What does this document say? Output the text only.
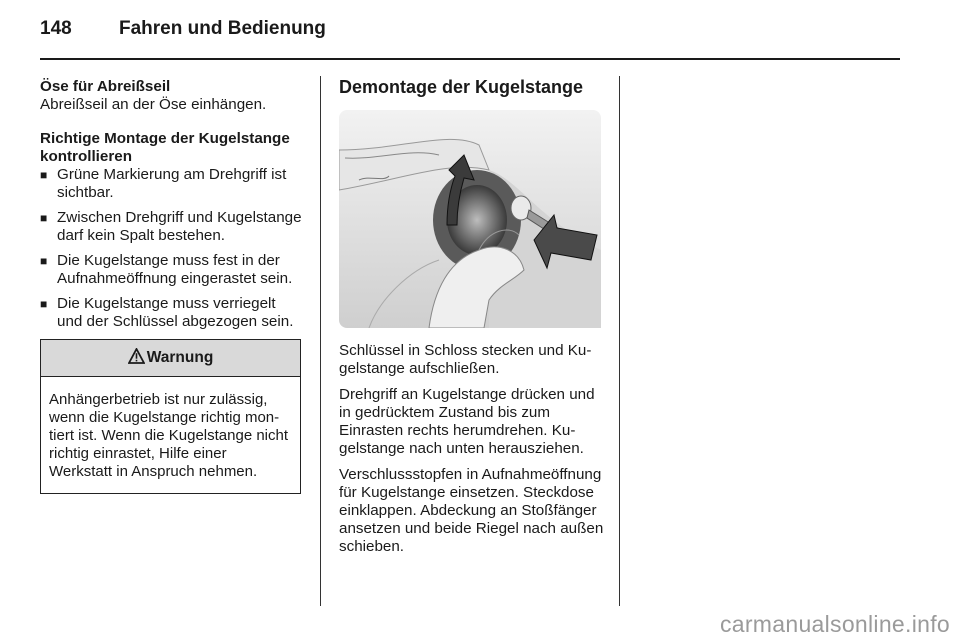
148 Fahren und Bedienung

Öse für Abreißseil

Abreißseil an der Öse einhängen.

Richtige Montage der Kugelstange kontrollieren

■ Grüne Markierung am Drehgriff ist sichtbar.
■ Zwischen Drehgriff und Kugelstange darf kein Spalt bestehen.
■ Die Kugelstange muss fest in der Aufnahmeöffnung eingerastet sein.
■ Die Kugelstange muss verriegelt und der Schlüssel abgezogen sein.
Warnung
Anhängerbetrieb ist nur zulässig, wenn die Kugelstange richtig montiert ist. Wenn die Kugelstange nicht richtig einrastet, Hilfe einer Werkstatt in Anspruch nehmen.

Demontage der Kugelstange

Schlüssel in Schloss stecken und Kugelstange aufschließen.

Drehgriff an Kugelstange drücken und in gedrücktem Zustand bis zum Einrasten rechts herumdrehen. Kugelstange nach unten herausziehen.

Verschlussstopfen in Aufnahmeöffnung für Kugelstange einsetzen. Steckdose einklappen. Abdeckung an Stoßfänger ansetzen und beide Riegel nach außen schieben.

carmanualsonline.info
